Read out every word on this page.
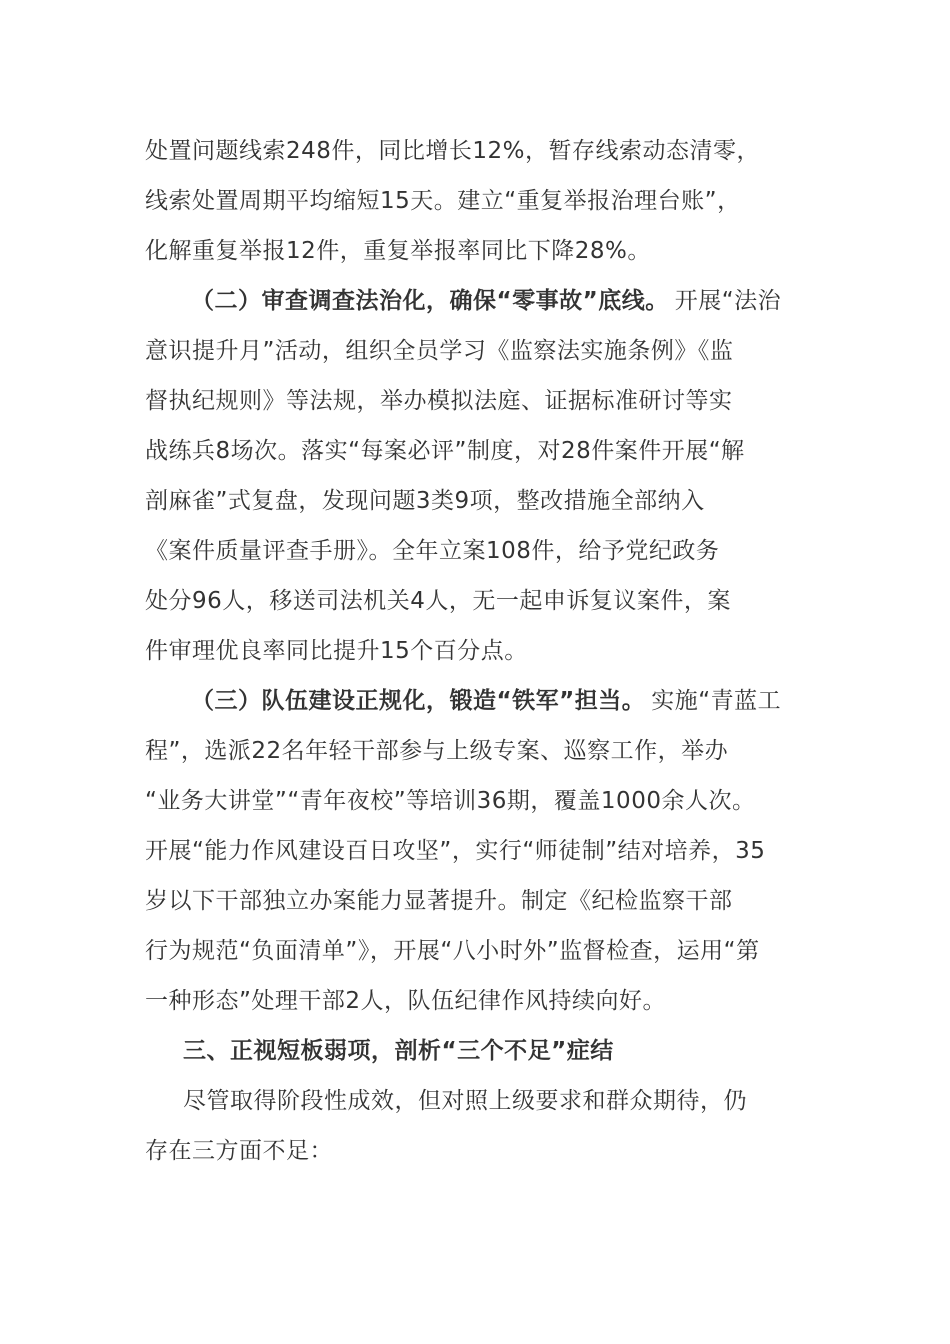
处置问题线索248件，同比增长12%，暂存线索动态清零，
线索处置周期平均缩短15天。建立“重复举报治理台账”，
化解重复举报12件，重复举报率同比下降28%。

（二）审查调查法治化，确保“零事故”底线。 开展“法治
意识提升月”活动，组织全员学习《监察法实施条例》《监
督执纪规则》等法规，举办模拟法庭、证据标准研讨等实
战练兵8场次。落实“每案必评”制度，对28件案件开展“解
剖麻雀”式复盘，发现问题3类9项，整改措施全部纳入
《案件质量评查手册》。全年立案108件，给予党纪政务
处分96人，移送司法机关4人，无一起申诉复议案件，案
件审理优良率同比提升15个百分点。

（三）队伍建设正规化，锻造“铁军”担当。 实施“青蓝工
程”，选派22名年轻干部参与上级专案、巡察工作，举办
“业务大讲堂”“青年夜校”等培训36期，覆盖1000余人次。
开展“能力作风建设百日攻坚”，实行“师徒制”结对培养，35
岁以下干部独立办案能力显著提升。制定《纪检监察干部
行为规范“负面清单”》，开展“八小时外”监督检查，运用“第
一种形态”处理干部2人，队伍纪律作风持续向好。

三、正视短板弱项，剖析“三个不足”症结

尽管取得阶段性成效，但对照上级要求和群众期待，仍
存在三方面不足：
